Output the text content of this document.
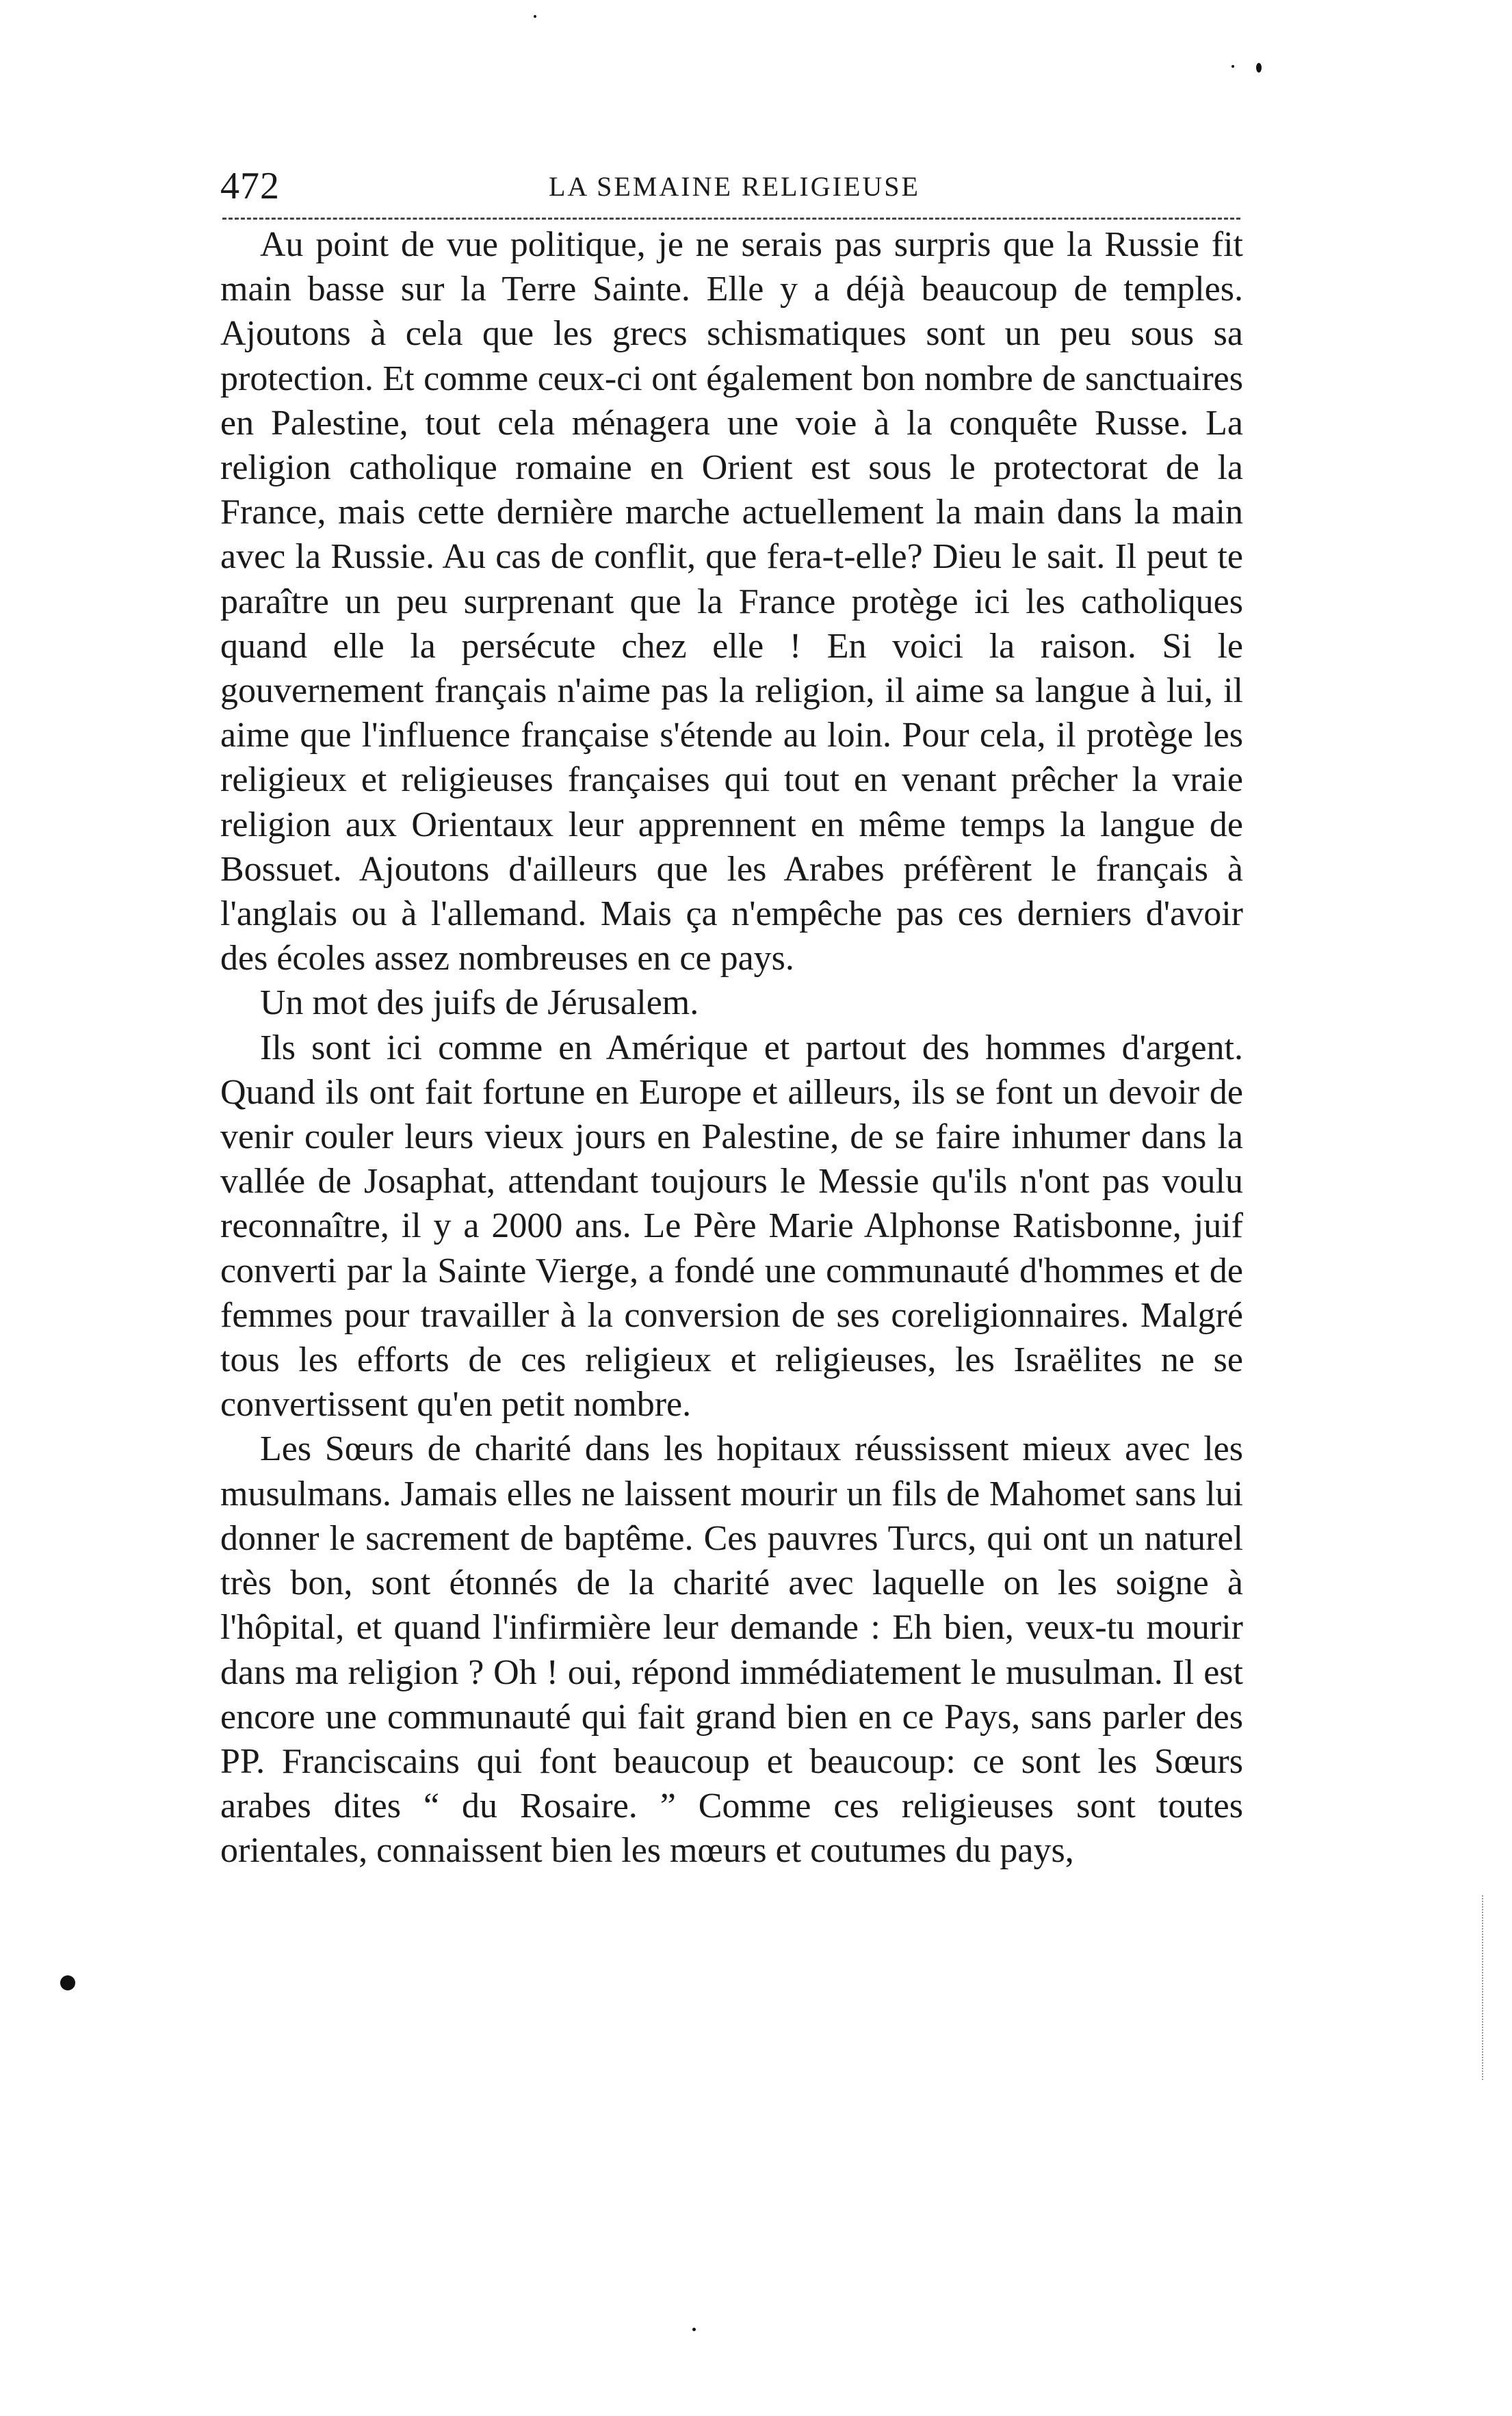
472	LA SEMAINE RELIGIEUSE

Au point de vue politique, je ne serais pas surpris que la Russie fit main basse sur la Terre Sainte. Elle y a déjà beaucoup de temples. Ajoutons à cela que les grecs schismatiques sont un peu sous sa protection. Et comme ceux-ci ont également bon nombre de sanctuaires en Palestine, tout cela ménagera une voie à la conquête Russe. La religion catholique romaine en Orient est sous le protectorat de la France, mais cette dernière marche actuellement la main dans la main avec la Russie. Au cas de conflit, que fera-t-elle? Dieu le sait. Il peut te paraître un peu surprenant que la France protège ici les catholiques quand elle la persécute chez elle ! En voici la raison. Si le gouvernement français n'aime pas la religion, il aime sa langue à lui, il aime que l'influence française s'étende au loin. Pour cela, il protège les religieux et religieuses françaises qui tout en venant prêcher la vraie religion aux Orientaux leur apprennent en même temps la langue de Bossuet. Ajoutons d'ailleurs que les Arabes préfèrent le français à l'anglais ou à l'allemand. Mais ça n'empêche pas ces derniers d'avoir des écoles assez nombreuses en ce pays.

Un mot des juifs de Jérusalem.

Ils sont ici comme en Amérique et partout des hommes d'argent. Quand ils ont fait fortune en Europe et ailleurs, ils se font un devoir de venir couler leurs vieux jours en Palestine, de se faire inhumer dans la vallée de Josaphat, attendant toujours le Messie qu'ils n'ont pas voulu reconnaître, il y a 2000 ans. Le Père Marie Alphonse Ratisbonne, juif converti par la Sainte Vierge, a fondé une communauté d'hommes et de femmes pour travailler à la conversion de ses coreligionnaires. Malgré tous les efforts de ces religieux et religieuses, les Israëlites ne se convertissent qu'en petit nombre.

Les Sœurs de charité dans les hopitaux réussissent mieux avec les musulmans. Jamais elles ne laissent mourir un fils de Mahomet sans lui donner le sacrement de baptême. Ces pauvres Turcs, qui ont un naturel très bon, sont étonnés de la charité avec laquelle on les soigne à l'hôpital, et quand l'infirmière leur demande : Eh bien, veux-tu mourir dans ma religion ? Oh ! oui, répond immédiatement le musulman. Il est encore une communauté qui fait grand bien en ce Pays, sans parler des PP. Franciscains qui font beaucoup et beaucoup: ce sont les Sœurs arabes dites “ du Rosaire. ” Comme ces religieuses sont toutes orientales, connaissent bien les mœurs et coutumes du pays,
